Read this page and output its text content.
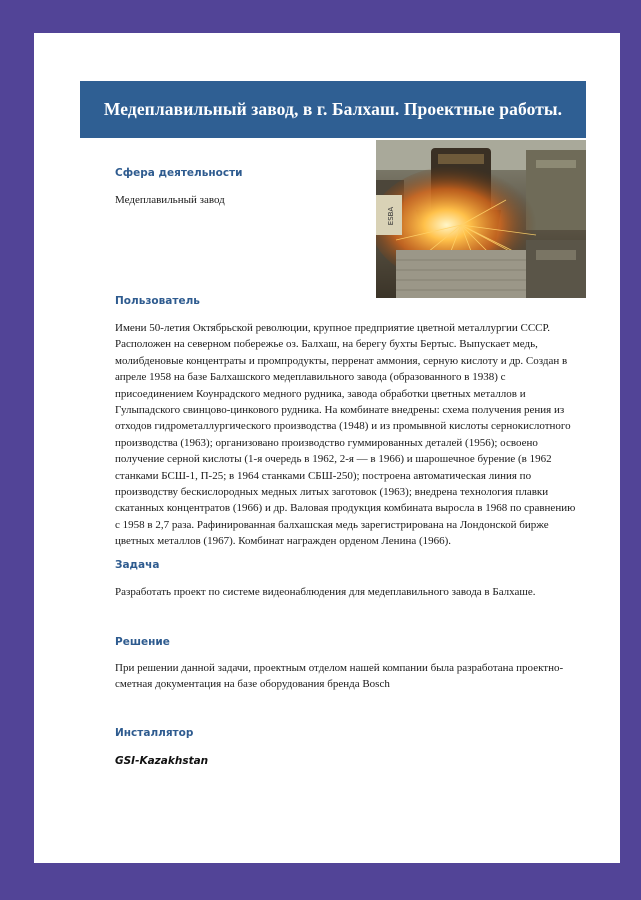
Медеплавильный завод, в г. Балхаш. Проектные работы.
ESBA
Сфера деятельности

Медеплавильный завод

Пользователь
Имени 50-летия Октябрьской революции, крупное предприятие цветной металлургии СССР.
Расположен на северном побережье оз. Балхаш, на берегу бухты Бертыс. Выпускает медь,
молибденовые концентраты и промпродукты, перренат аммония, серную кислоту и др. Создан в
апреле 1958 на базе Балхашского медеплавильного завода (образованного в 1938) с
присоединением Коунрадского медного рудника, завода обработки цветных металлов и
Гулыпадского свинцово-цинкового рудника. На комбинате внедрены: схема получения рения из
отходов гидрометаллургического производства (1948) и из промывной кислоты сернокислотного
производства (1963); организовано производство гуммированных деталей (1956); освоено
получение серной кислоты (1-я очередь в 1962, 2-я — в 1966) и шарошечное бурение (в 1962
станками БСШ-1, П-25; в 1964 станками СБШ-250); построена автоматическая линия по
производству бескислородных медных литых заготовок (1963); внедрена технология плавки
скатанных концентратов (1966) и др. Валовая продукция комбината выросла в 1968 по сравнению
с 1958 в 2,7 раза. Рафинированная балхашская медь зарегистрирована на Лондонской бирже
цветных металлов (1967). Комбинат награжден орденом Ленина (1966).
Задача

Разработать проект по системе видеонаблюдения для медеплавильного завода в Балхаше.

Решение
При решении данной задачи, проектным отделом нашей компании была разработана проектно-
сметная документация на базе оборудования бренда Bosch
Инсталлятор

GSI-Kazakhstan
